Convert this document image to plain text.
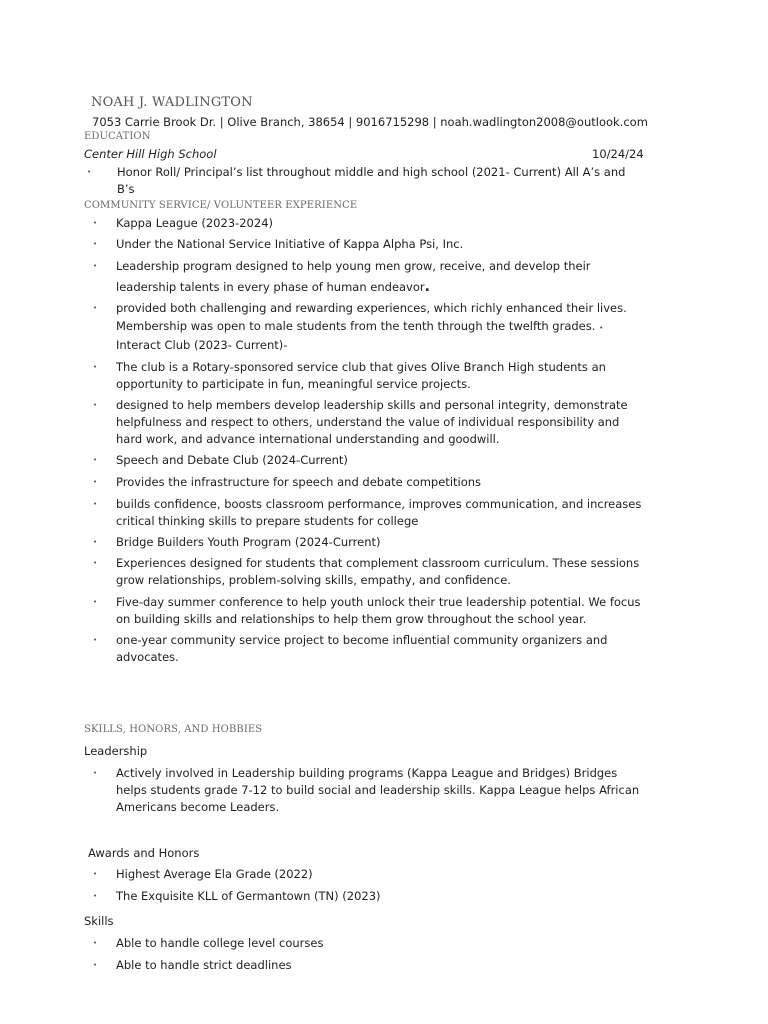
NOAH J. WADLINGTON
7053 Carrie Brook Dr. | Olive Branch, 38654 | 9016715298 | noah.wadlington2008@outlook.com
EDUCATION
Center Hill High School	10/24/24
• Honor Roll/ Principal’s list throughout middle and high school (2021- Current) All A’s and
B’s
COMMUNITY SERVICE/ VOLUNTEER EXPERIENCE
• Kappa League (2023-2024)
• Under the National Service Initiative of Kappa Alpha Psi, Inc.
• Leadership program designed to help young men grow, receive, and develop their
leadership talents in every phase of human endeavor.
• provided both challenging and rewarding experiences, which richly enhanced their lives.
Membership was open to male students from the tenth through the twelfth grades. •
Interact Club (2023- Current)-
• The club is a Rotary-sponsored service club that gives Olive Branch High students an
opportunity to participate in fun, meaningful service projects.
• designed to help members develop leadership skills and personal integrity, demonstrate
helpfulness and respect to others, understand the value of individual responsibility and
hard work, and advance international understanding and goodwill.
• Speech and Debate Club (2024-Current)
• Provides the infrastructure for speech and debate competitions
• builds confidence, boosts classroom performance, improves communication, and increases
critical thinking skills to prepare students for college
• Bridge Builders Youth Program (2024-Current)
• Experiences designed for students that complement classroom curriculum. These sessions
grow relationships, problem-solving skills, empathy, and confidence.
• Five-day summer conference to help youth unlock their true leadership potential. We focus
on building skills and relationships to help them grow throughout the school year.
• one-year community service project to become influential community organizers and
advocates.
SKILLS, HONORS, AND HOBBIES
Leadership
• Actively involved in Leadership building programs (Kappa League and Bridges) Bridges
helps students grade 7-12 to build social and leadership skills. Kappa League helps African
Americans become Leaders.
Awards and Honors
• Highest Average Ela Grade (2022)
• The Exquisite KLL of Germantown (TN) (2023)
Skills
• Able to handle college level courses
• Able to handle strict deadlines
